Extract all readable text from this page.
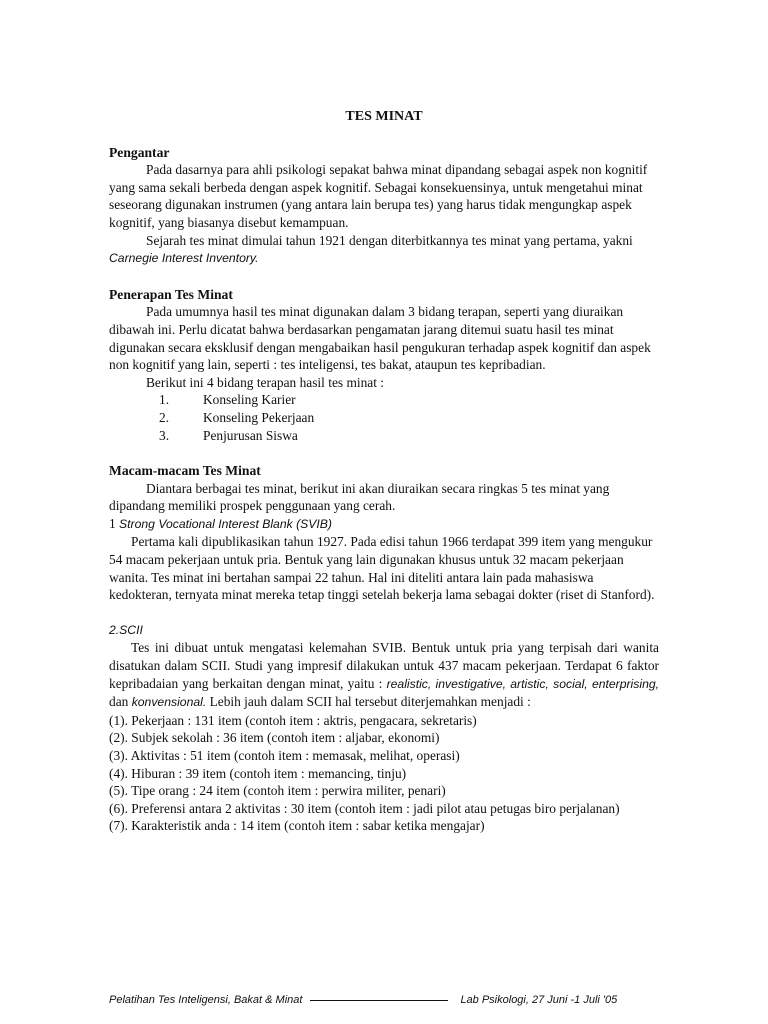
TES MINAT
Pengantar

Pada dasarnya para ahli psikologi sepakat bahwa minat dipandang sebagai aspek non kognitif yang sama sekali berbeda dengan aspek kognitif. Sebagai konsekuensinya, untuk mengetahui minat seseorang digunakan instrumen (yang antara lain berupa tes) yang harus tidak mengungkap aspek kognitif, yang biasanya disebut kemampuan.

Sejarah tes minat dimulai tahun 1921 dengan diterbitkannya tes minat yang pertama, yakni Carnegie Interest Inventory.

Penerapan Tes Minat

Pada umumnya hasil tes minat digunakan dalam 3 bidang terapan, seperti yang diuraikan dibawah ini. Perlu dicatat bahwa berdasarkan pengamatan jarang ditemui suatu hasil tes minat digunakan secara eksklusif dengan mengabaikan hasil pengukuran terhadap aspek kognitif dan aspek non kognitif yang lain, seperti : tes inteligensi, tes bakat, ataupun tes kepribadian.

Berikut ini 4 bidang terapan hasil tes minat :

1.	Konseling Karier
2.	Konseling Pekerjaan
3.	Penjurusan Siswa
Macam-macam Tes Minat

Diantara berbagai tes minat, berikut ini akan diuraikan secara ringkas 5 tes minat yang dipandang memiliki prospek penggunaan yang cerah.

1 Strong Vocational Interest Blank (SVIB)

Pertama kali dipublikasikan tahun 1927. Pada edisi tahun 1966 terdapat 399 item yang mengukur 54 macam pekerjaan untuk pria. Bentuk yang lain digunakan khusus untuk 32 macam pekerjaan wanita. Tes minat ini bertahan sampai 22 tahun. Hal ini diteliti antara lain pada mahasiswa kedokteran, ternyata minat mereka tetap tinggi setelah bekerja lama sebagai dokter (riset di Stanford).

2.SCII

Tes ini dibuat untuk mengatasi kelemahan SVIB. Bentuk untuk pria yang terpisah dari wanita disatukan dalam SCII. Studi yang impresif dilakukan untuk 437 macam pekerjaan. Terdapat 6 faktor kepribadaian yang berkaitan dengan minat, yaitu : realistic, investigative, artistic, social, enterprising, dan konvensional. Lebih jauh dalam SCII hal tersebut diterjemahkan menjadi :

(1). Pekerjaan : 131 item (contoh item : aktris, pengacara, sekretaris)

(2). Subjek sekolah : 36 item (contoh item : aljabar, ekonomi)

(3). Aktivitas : 51 item (contoh item : memasak, melihat, operasi)

(4). Hiburan : 39 item (contoh item : memancing, tinju)

(5). Tipe orang : 24 item (contoh item : perwira militer, penari)

(6). Preferensi antara 2 aktivitas : 30 item (contoh item : jadi pilot atau petugas biro perjalanan)

(7). Karakteristik anda : 14 item (contoh item : sabar ketika mengajar)

Pelatihan Tes Inteligensi, Bakat & Minat	Lab Psikologi, 27 Juni -1 Juli '05
